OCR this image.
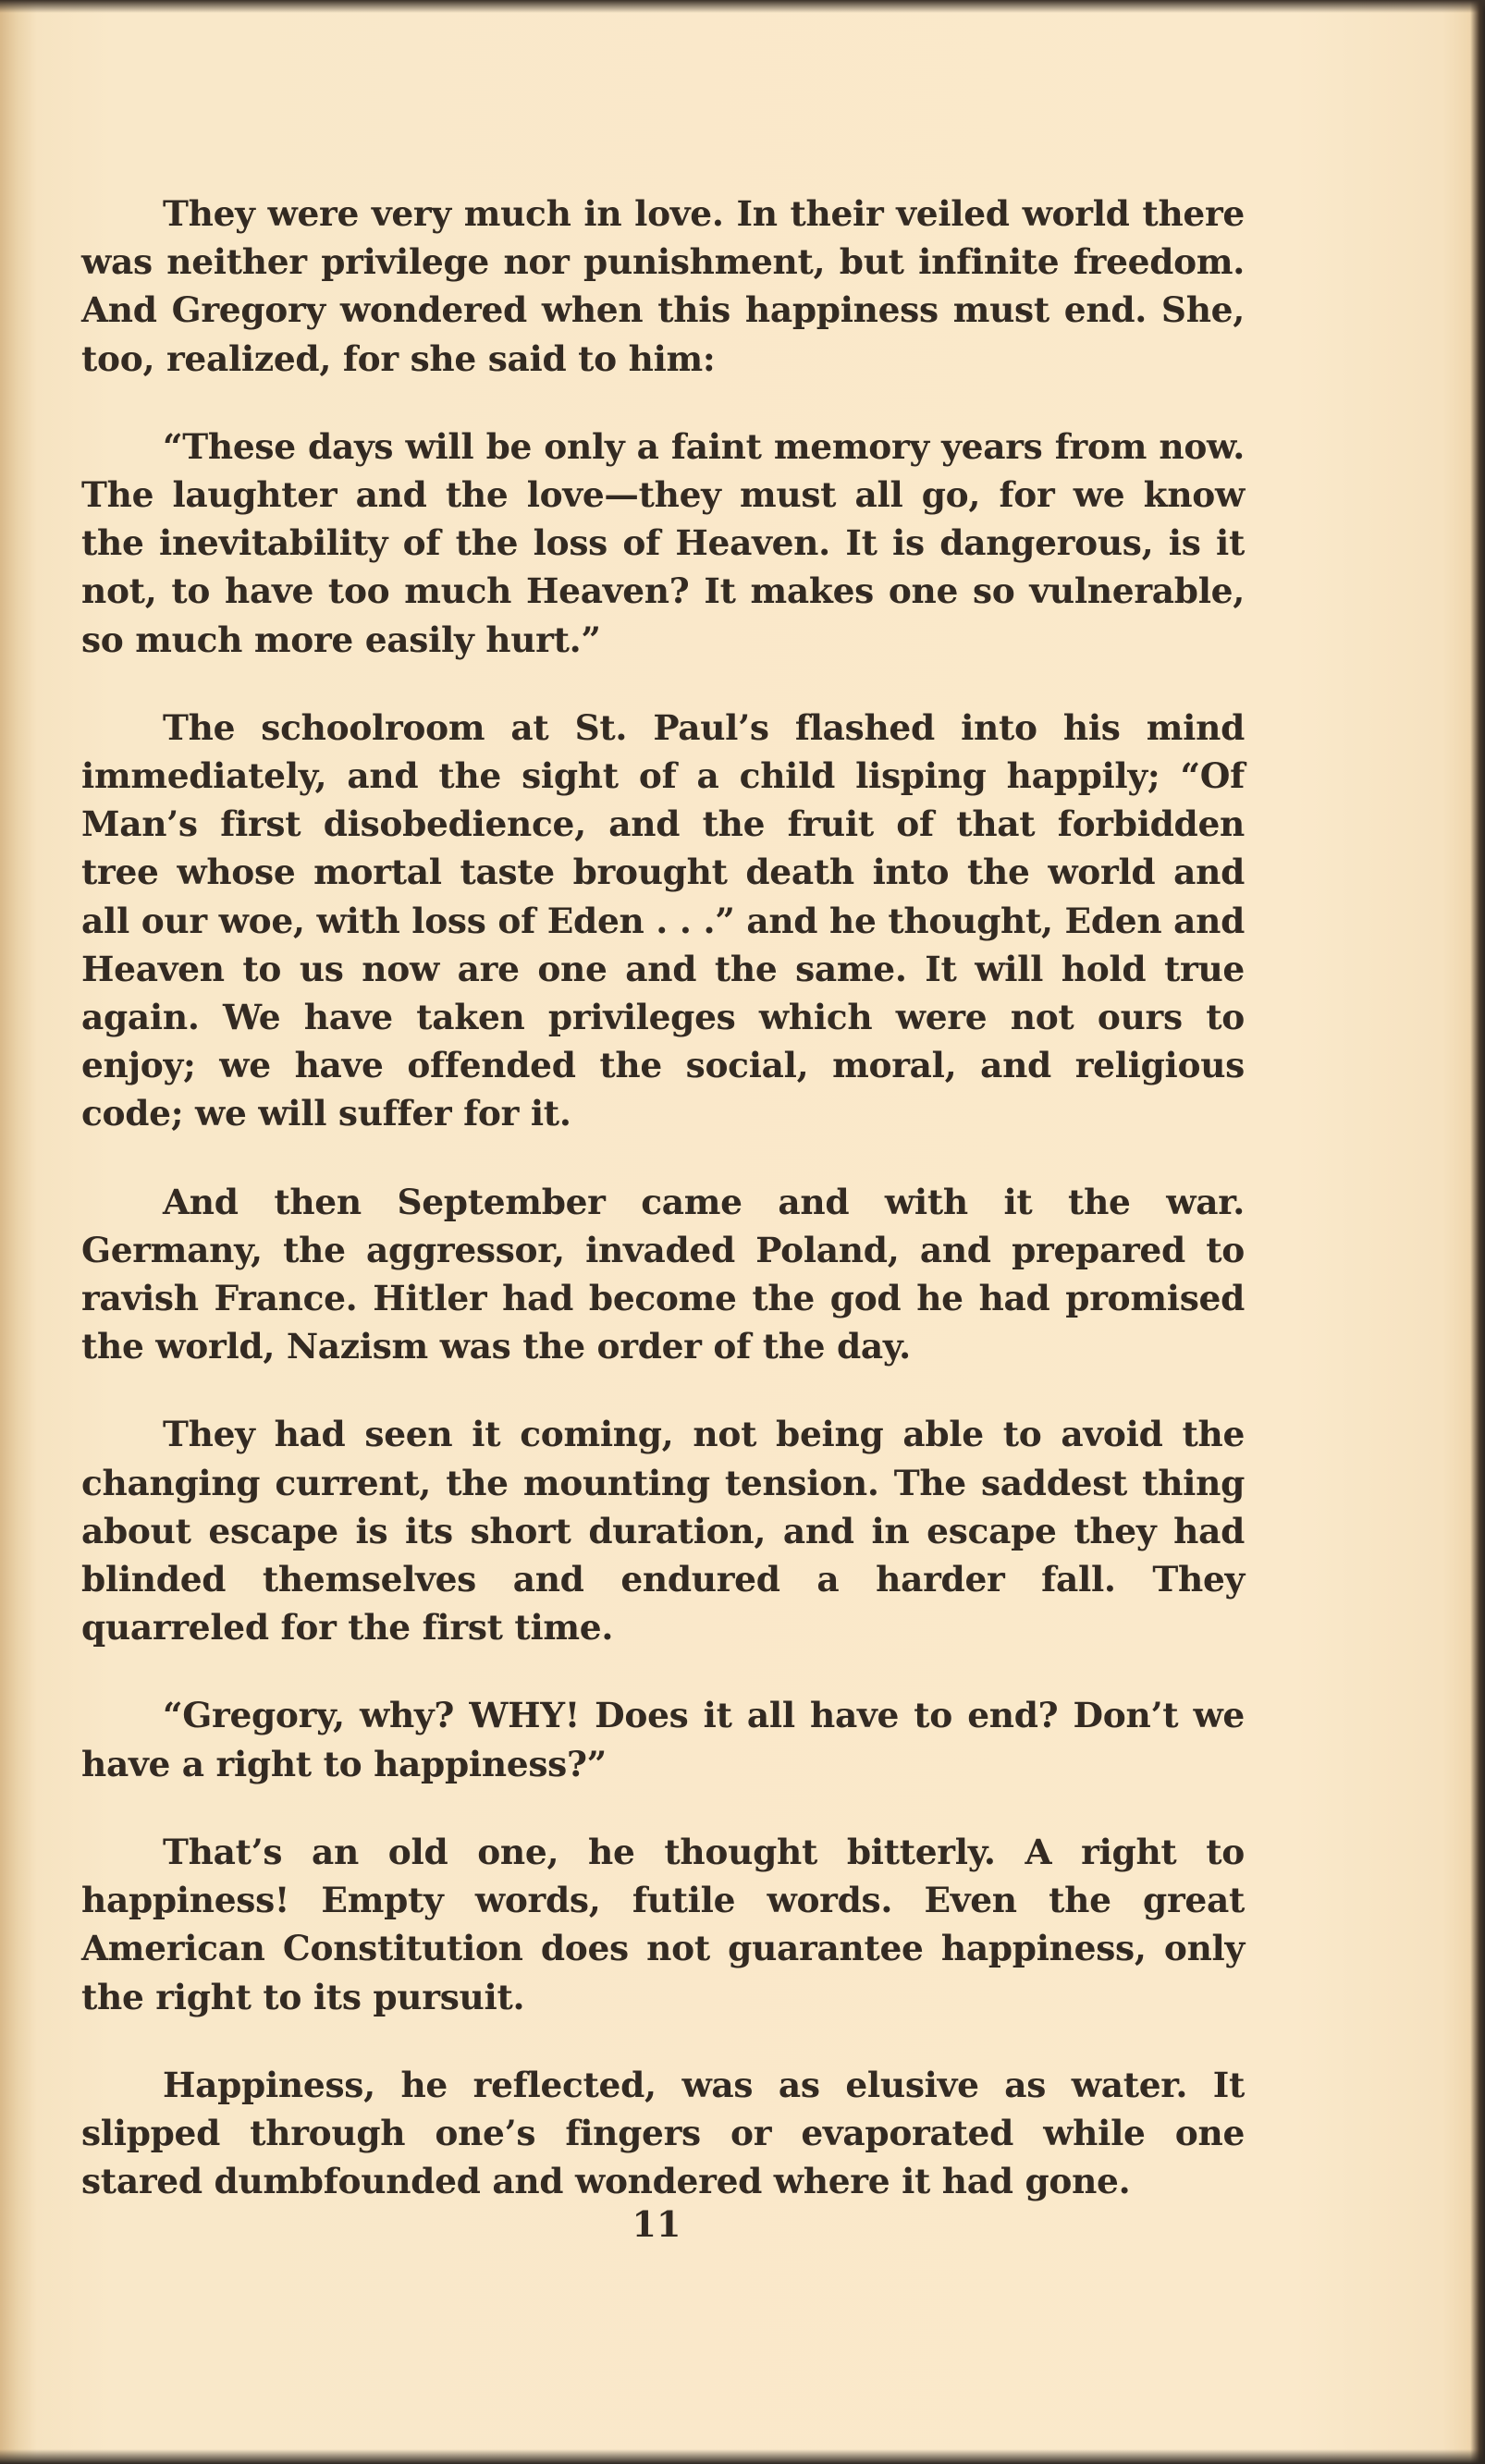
They were very much in love. In their veiled world there was neither privilege nor punishment, but infinite freedom. And Gregory wondered when this happiness must end. She, too, realized, for she said to him:

“These days will be only a faint memory years from now. The laughter and the love—they must all go, for we know the inevitability of the loss of Heaven. It is dangerous, is it not, to have too much Heaven? It makes one so vulnerable, so much more easily hurt.”

The schoolroom at St. Paul’s flashed into his mind immediately, and the sight of a child lisping happily; “Of Man’s first disobedience, and the fruit of that forbidden tree whose mortal taste brought death into the world and all our woe, with loss of Eden . . .” and he thought, Eden and Heaven to us now are one and the same. It will hold true again. We have taken privileges which were not ours to enjoy; we have offended the social, moral, and religious code; we will suffer for it.

And then September came and with it the war. Germany, the aggressor, invaded Poland, and prepared to ravish France. Hitler had become the god he had promised the world, Nazism was the order of the day.

They had seen it coming, not being able to avoid the changing current, the mounting tension. The saddest thing about escape is its short duration, and in escape they had blinded themselves and endured a harder fall. They quarreled for the first time.

“Gregory, why? WHY! Does it all have to end? Don’t we have a right to happiness?”

That’s an old one, he thought bitterly. A right to happiness! Empty words, futile words. Even the great American Constitution does not guarantee happiness, only the right to its pursuit.

Happiness, he reflected, was as elusive as water. It slipped through one’s fingers or evaporated while one stared dumbfounded and wondered where it had gone.

11
